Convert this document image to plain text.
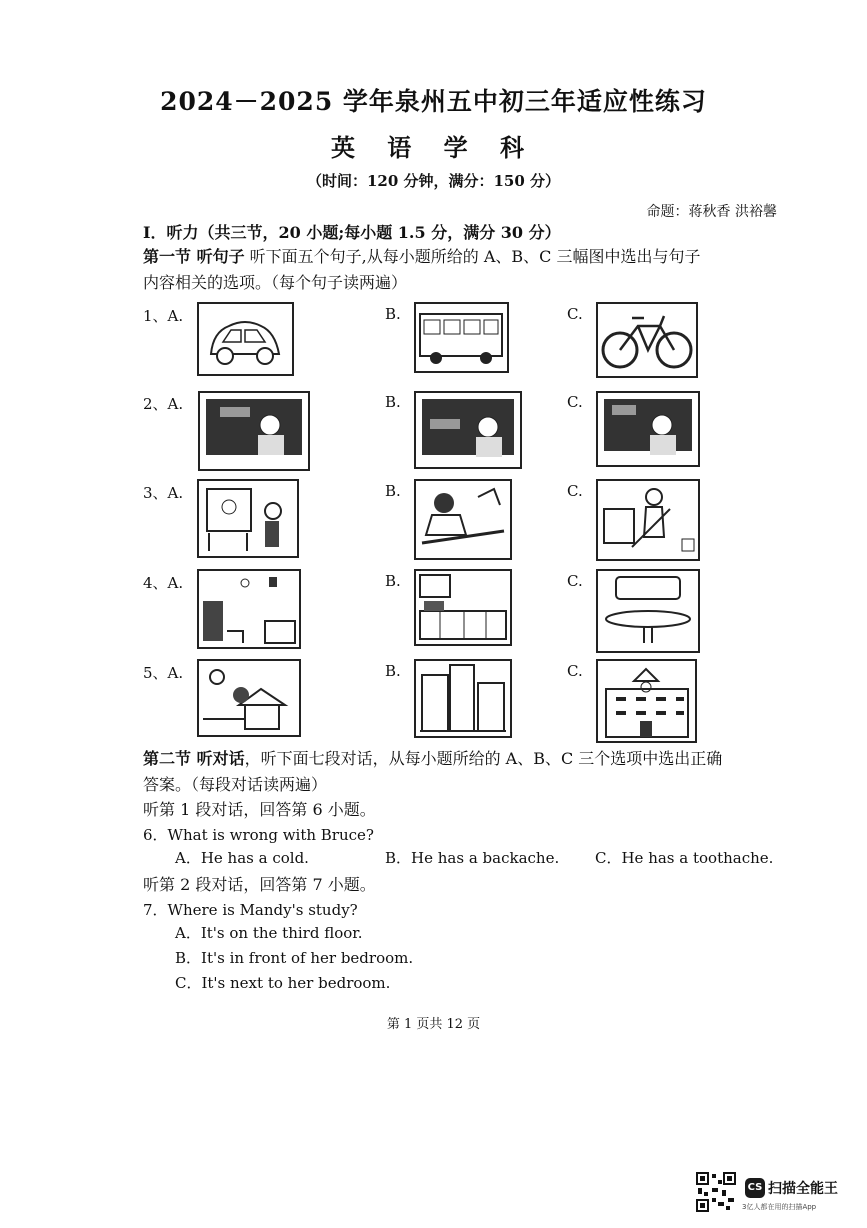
2024－2025 学年泉州五中初三年适应性练习
英 语 学 科
（时间：120 分钟，满分：150 分）
命题：蒋秋香 洪裕馨
I．听力（共三节，20 小题;每小题 1.5 分，满分 30 分）
第一节 听句子 听下面五个句子,从每小题所给的 A、B、C 三幅图中选出与句子
内容相关的选项。（每个句子读两遍）
1、A.	B.	C.
2、A.	B.	C.
3、A.	B.	C.
4、A.	B.	C.
5、A.	B.	C.
第二节 听对话，听下面七段对话，从每小题所给的 A、B、C 三个选项中选出正确
答案。（每段对话读两遍）
听第 1 段对话，回答第 6 小题。
6．What is wrong with Bruce?
A．He has a cold.	B．He has a backache. C．He has a toothache.
听第 2 段对话，回答第 7 小题。
7．Where is Mandy's study?
A．It's on the third floor.
B．It's in front of her bedroom.
C．It's next to her bedroom.
第 1 页共 12 页
CS 扫描全能王
3亿人都在用的扫描App
